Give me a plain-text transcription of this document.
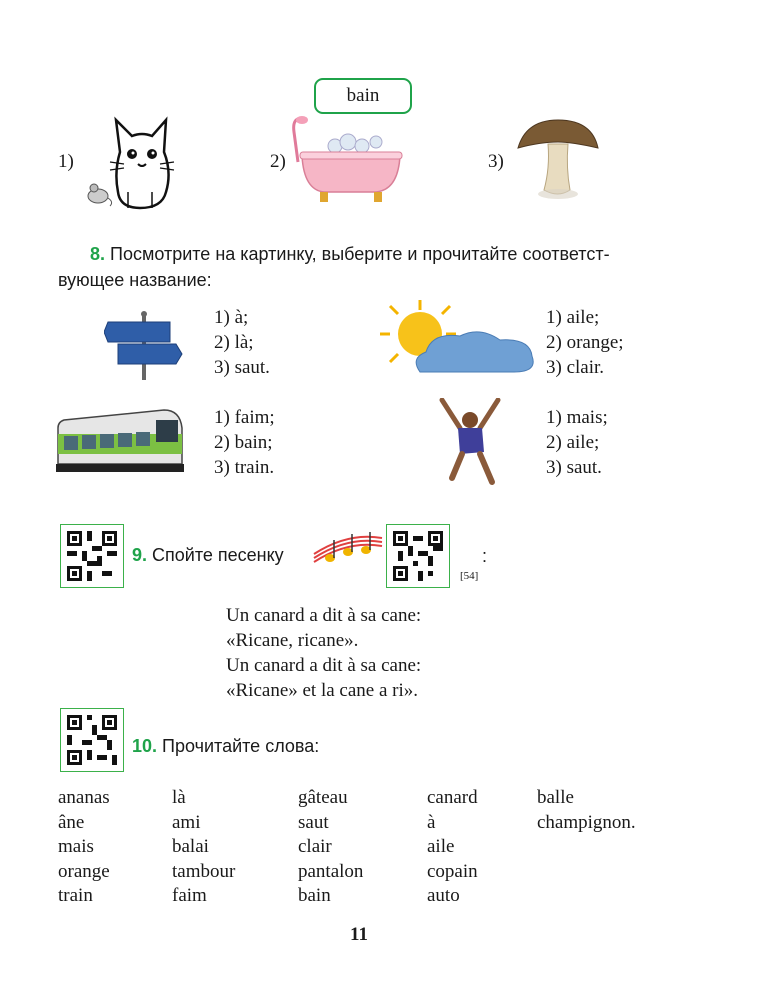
1)
bain
2)	3)
8. Посмотрите на картинку, выберите и прочитайте соответст-
вующее название:
1) à;
2) là;
3) saut.
1) aile;
2) orange;
3) clair.
1) faim;
2) bain;
3) train.
1) mais;
2) aile;
3) saut.
9. Спойте песенку	:
[54]
Un canard a dit à sa cane:
«Ricane, ricane».
Un canard a dit à sa cane:
«Ricane» et la cane a ri».
10. Прочитайте слова:
ananas
âne
mais
orange
train
là
ami
balai
tambour
faim
gâteau
saut
clair
pantalon
bain
canard
à
aile
copain
auto
balle
champignon.
11
